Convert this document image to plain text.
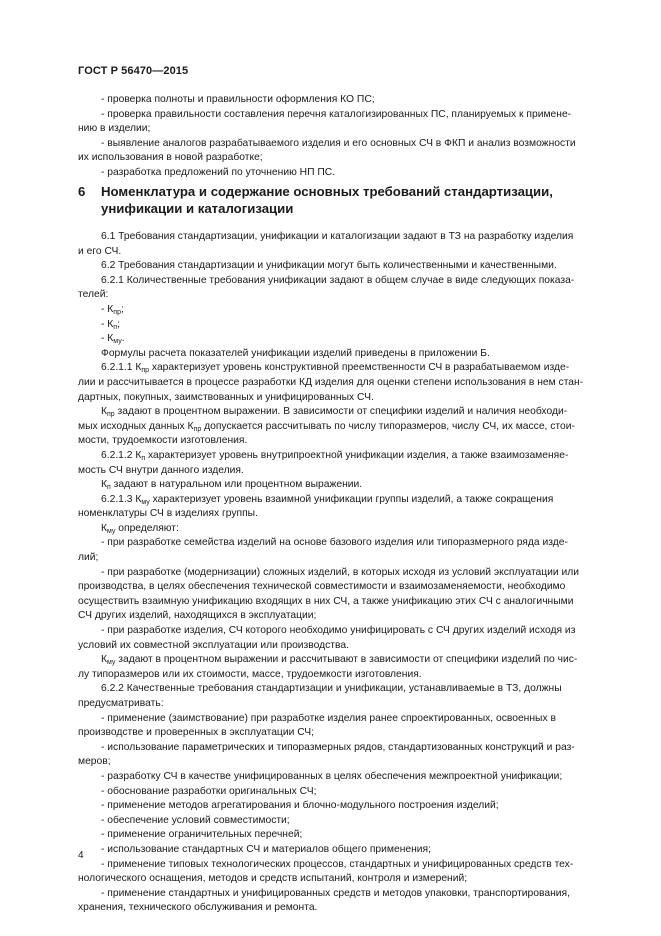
ГОСТ Р 56470—2015

- проверка полноты и правильности оформления КО ПС;

- проверка правильности составления перечня каталогизированных ПС, планируемых к примене-
нию в изделии;

- выявление аналогов разрабатываемого изделия и его основных СЧ в ФКП и анализ возможности
их использования в новой разработке;

- разработка предложений по уточнению НП ПС.

6 Номенклатура и содержание основных требований стандартизации,
унификации и каталогизации

6.1 Требования стандартизации, унификации и каталогизации задают в ТЗ на разработку изделия
и его СЧ.

6.2 Требования стандартизации и унификации могут быть количественными и качественными.

6.2.1 Количественные требования унификации задают в общем случае в виде следующих показа-
телей:

- $К_{пр}$;

- $К_п$;

- $К_{му}$.

Формулы расчета показателей унификации изделий приведены в приложении Б.

6.2.1.1 $К_{пр}$ характеризует уровень конструктивной преемственности СЧ в разрабатываемом изде-
лии и рассчитывается в процессе разработки КД изделия для оценки степени использования в нем стан-
дартных, покупных, заимствованных и унифицированных СЧ.

$К_{пр}$ задают в процентном выражении. В зависимости от специфики изделий и наличия необходи-
мых исходных данных $К_{пр}$ допускается рассчитывать по числу типоразмеров, числу СЧ, их массе, стои-
мости, трудоемкости изготовления.

6.2.1.2 $К_п$ характеризует уровень внутрипроектной унификации изделия, а также взаимозаменяе-
мость СЧ внутри данного изделия.

$К_п$ задают в натуральном или процентном выражении.

6.2.1.3 $К_{му}$ характеризует уровень взаимной унификации группы изделий, а также сокращения
номенклатуры СЧ в изделиях группы.

$К_{му}$ определяют:

- при разработке семейства изделий на основе базового изделия или типоразмерного ряда изде-
лий;

- при разработке (модернизации) сложных изделий, в которых исходя из условий эксплуатации или
производства, в целях обеспечения технической совместимости и взаимозаменяемости, необходимо
осуществить взаимную унификацию входящих в них СЧ, а также унификацию этих СЧ с аналогичными
СЧ других изделий, находящихся в эксплуатации;

- при разработке изделия, СЧ которого необходимо унифицировать с СЧ других изделий исходя из
условий их совместной эксплуатации или производства.

$К_{му}$ задают в процентном выражении и рассчитывают в зависимости от специфики изделий по чис-
лу типоразмеров или их стоимости, массе, трудоемкости изготовления.

6.2.2 Качественные требования стандартизации и унификации, устанавливаемые в ТЗ, должны
предусматривать:

- применение (заимствование) при разработке изделия ранее спроектированных, освоенных в
производстве и проверенных в эксплуатации СЧ;

- использование параметрических и типоразмерных рядов, стандартизованных конструкций и раз-
меров;

- разработку СЧ в качестве унифицированных в целях обеспечения межпроектной унификации;

- обоснование разработки оригинальных СЧ;

- применение методов агрегатирования и блочно-модульного построения изделий;

- обеспечение условий совместимости;

- применение ограничительных перечней;

- использование стандартных СЧ и материалов общего применения;

- применение типовых технологических процессов, стандартных и унифицированных средств тех-
нологического оснащения, методов и средств испытаний, контроля и измерений;

- применение стандартных и унифицированных средств и методов упаковки, транспортирования,
хранения, технического обслуживания и ремонта.

4
